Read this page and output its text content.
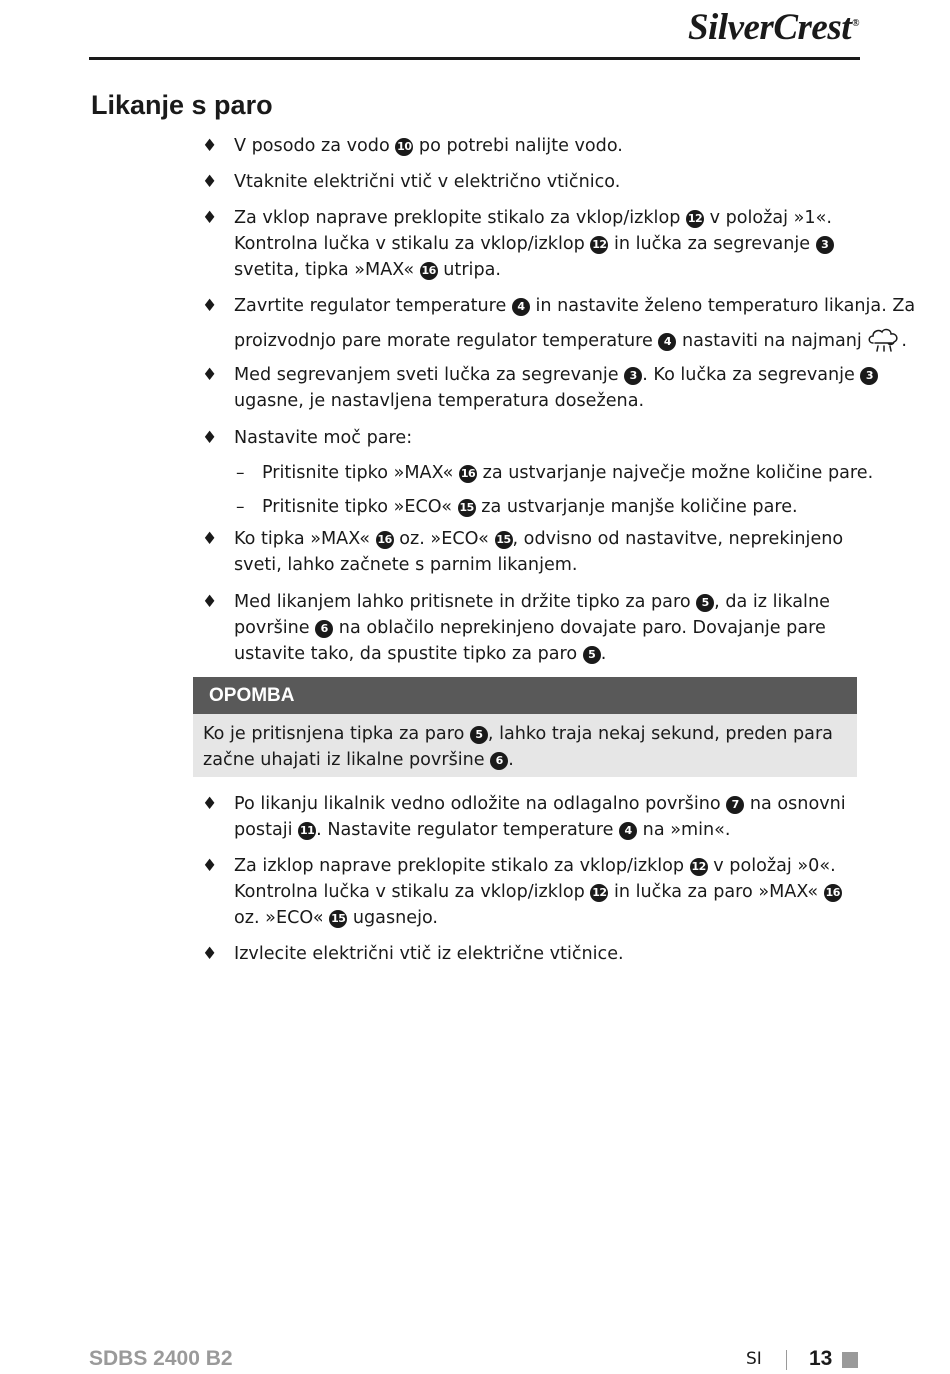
SilverCrest®
Likanje s paro
♦ V posodo za vodo 10 po potrebi nalijte vodo.
♦ Vtaknite električni vtič v električno vtičnico.
♦ Za vklop naprave preklopite stikalo za vklop/izklop 12 v položaj »1«.
Kontrolna lučka v stikalu za vklop/izklop 12 in lučka za segrevanje 3
svetita, tipka »MAX« 16 utripa.
♦ Zavrtite regulator temperature 4 in nastavite želeno temperaturo likanja. Za
proizvodnjo pare morate regulator temperature 4 nastaviti na najmanj .
♦ Med segrevanjem sveti lučka za segrevanje 3 . Ko lučka za segrevanje 3
ugasne, je nastavljena temperatura dosežena.
♦ Nastavite moč pare:
– Pritisnite tipko »MAX« 16 za ustvarjanje največje možne količine pare.
– Pritisnite tipko »ECO« 15 za ustvarjanje manjše količine pare.
♦ Ko tipka »MAX« 16 oz. »ECO« 15 , odvisno od nastavitve, neprekinjeno
sveti, lahko začnete s parnim likanjem.
♦ Med likanjem lahko pritisnete in držite tipko za paro 5 , da iz likalne
površine 6 na oblačilo neprekinjeno dovajate paro. Dovajanje pare
ustavite tako, da spustite tipko za paro 5 .
♦ Po likanju likalnik vedno odložite na odlagalno površino 7 na osnovni
postaji 11 . Nastavite regulator temperature 4 na »min«.
♦ Za izklop naprave preklopite stikalo za vklop/izklop 12 v položaj »0«.
Kontrolna lučka v stikalu za vklop/izklop 12 in lučka za paro »MAX« 16
oz. »ECO« 15 ugasnejo.
♦ Izvlecite električni vtič iz električne vtičnice.
OPOMBA
Ko je pritisnjena tipka za paro 5 , lahko traja nekaj sekund, preden para
začne uhajati iz likalne površine 6 .
SDBS 2400 B2	SI 13
